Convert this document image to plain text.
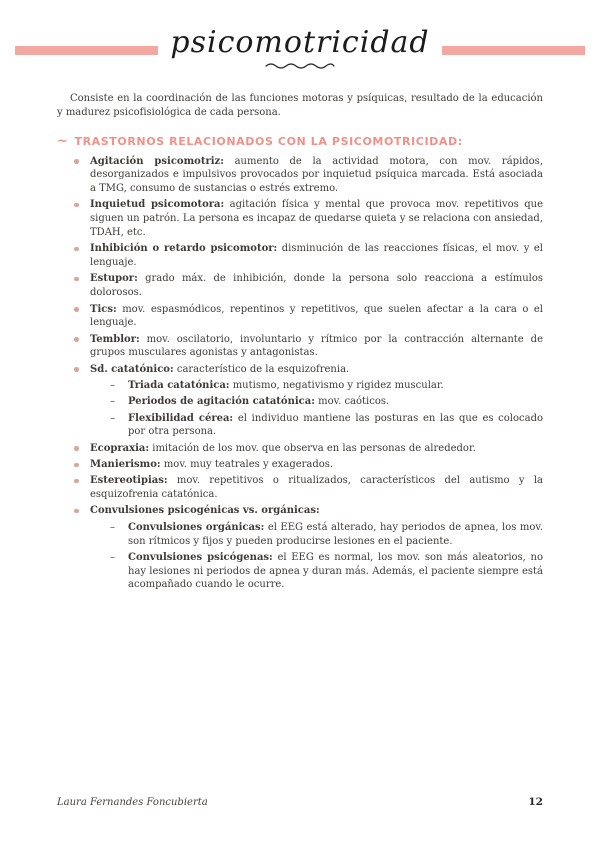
psicomotricidad

Consiste en la coordinación de las funciones motoras y psíquicas, resultado de la educación y madurez psicofisiológica de cada persona.

~ TRASTORNOS RELACIONADOS CON LA PSICOMOTRICIDAD:
Agitación psicomotriz: aumento de la actividad motora, con mov. rápidos, desorganizados e impulsivos provocados por inquietud psíquica marcada. Está asociada a TMG, consumo de sustancias o estrés extremo.
Inquietud psicomotora: agitación física y mental que provoca mov. repetitivos que siguen un patrón. La persona es incapaz de quedarse quieta y se relaciona con ansiedad, TDAH, etc.
Inhibición o retardo psicomotor: disminución de las reacciones físicas, el mov. y el lenguaje.
Estupor: grado máx. de inhibición, donde la persona solo reacciona a estímulos dolorosos.
Tics: mov. espasmódicos, repentinos y repetitivos, que suelen afectar a la cara o el lenguaje.
Temblor: mov. oscilatorio, involuntario y rítmico por la contracción alternante de grupos musculares agonistas y antagonistas.
Sd. catatónico: característico de la esquizofrenia.
– Triada catatónica: mutismo, negativismo y rigidez muscular.
– Periodos de agitación catatónica: mov. caóticos.
– Flexibilidad cérea: el individuo mantiene las posturas en las que es colocado por otra persona.
Ecopraxia: imitación de los mov. que observa en las personas de alrededor.
Manierismo: mov. muy teatrales y exagerados.
Estereotipias: mov. repetitivos o ritualizados, característicos del autismo y la esquizofrenia catatónica.
Convulsiones psicogénicas vs. orgánicas:
– Convulsiones orgánicas: el EEG está alterado, hay periodos de apnea, los mov. son rítmicos y fijos y pueden producirse lesiones en el paciente.
– Convulsiones psicógenas: el EEG es normal, los mov. son más aleatorios, no hay lesiones ni periodos de apnea y duran más. Además, el paciente siempre está acompañado cuando le ocurre.
Laura Fernandes Foncubierta	12
